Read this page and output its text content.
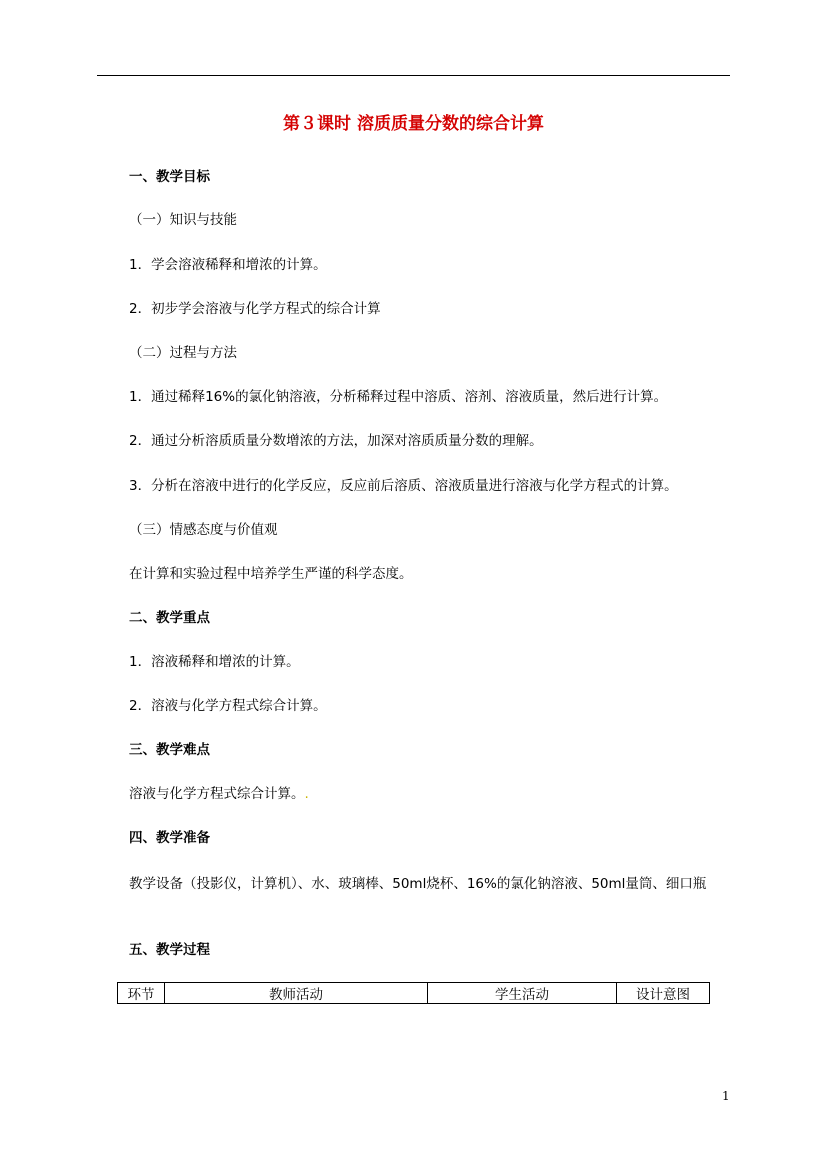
第３课时 溶质质量分数的综合计算
一、教学目标
（一）知识与技能
1．学会溶液稀释和增浓的计算。
2．初步学会溶液与化学方程式的综合计算
（二）过程与方法
1．通过稀释16%的氯化钠溶液，分析稀释过程中溶质、溶剂、溶液质量，然后进行计算。
2．通过分析溶质质量分数增浓的方法，加深对溶质质量分数的理解。
3．分析在溶液中进行的化学反应，反应前后溶质、溶液质量进行溶液与化学方程式的计算。
（三）情感态度与价值观
在计算和实验过程中培养学生严谨的科学态度。
二、教学重点
1．溶液稀释和增浓的计算。
2．溶液与化学方程式综合计算。
三、教学难点
溶液与化学方程式综合计算。.
四、教学准备
教学设备（投影仪，计算机）、水、玻璃棒、50ml烧杯、16%的氯化钠溶液、50ml量筒、细口瓶
五、教学过程
环节	教师活动	学生活动	设计意图
1
